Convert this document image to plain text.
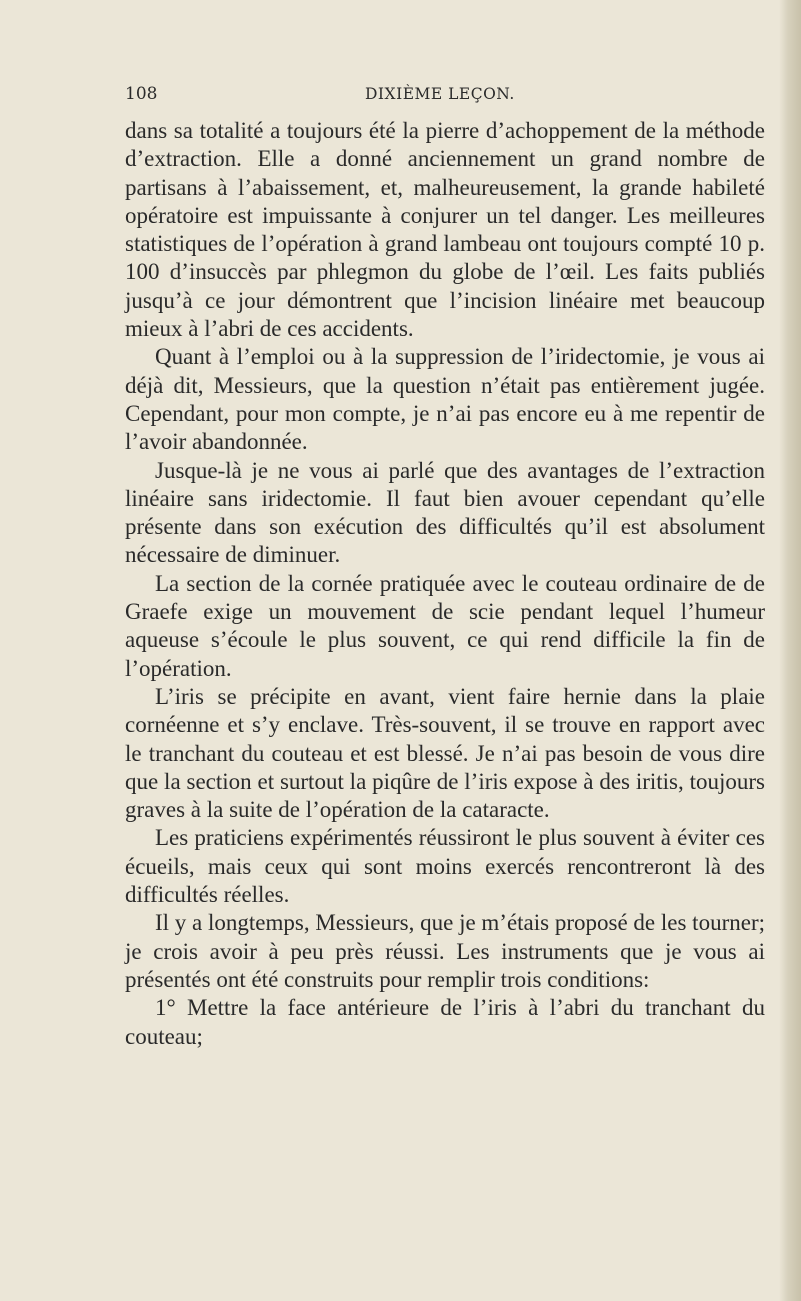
108	DIXIÈME LEÇON.

dans sa totalité a toujours été la pierre d’achoppement de la méthode d’extraction. Elle a donné anciennement un grand nombre de partisans à l’abaissement, et, malheureusement, la grande habileté opératoire est impuissante à conjurer un tel danger. Les meilleures statistiques de l’opération à grand lambeau ont toujours compté 10 p. 100 d’insuccès par phlegmon du globe de l’œil. Les faits publiés jusqu’à ce jour démontrent que l’incision linéaire met beaucoup mieux à l’abri de ces accidents.

Quant à l’emploi ou à la suppression de l’iridectomie, je vous ai déjà dit, Messieurs, que la question n’était pas entièrement jugée. Cependant, pour mon compte, je n’ai pas encore eu à me repentir de l’avoir abandonnée.

Jusque-là je ne vous ai parlé que des avantages de l’extraction linéaire sans iridectomie. Il faut bien avouer cependant qu’elle présente dans son exécution des difficultés qu’il est absolument nécessaire de diminuer.

La section de la cornée pratiquée avec le couteau ordinaire de de Graefe exige un mouvement de scie pendant lequel l’humeur aqueuse s’écoule le plus souvent, ce qui rend difficile la fin de l’opération.

L’iris se précipite en avant, vient faire hernie dans la plaie cornéenne et s’y enclave. Très-souvent, il se trouve en rapport avec le tranchant du couteau et est blessé. Je n’ai pas besoin de vous dire que la section et surtout la piqûre de l’iris expose à des iritis, toujours graves à la suite de l’opération de la cataracte.

Les praticiens expérimentés réussiront le plus souvent à éviter ces écueils, mais ceux qui sont moins exercés rencontreront là des difficultés réelles.

Il y a longtemps, Messieurs, que je m’étais proposé de les tourner; je crois avoir à peu près réussi. Les instruments que je vous ai présentés ont été construits pour remplir trois conditions:

1° Mettre la face antérieure de l’iris à l’abri du tranchant du couteau;
